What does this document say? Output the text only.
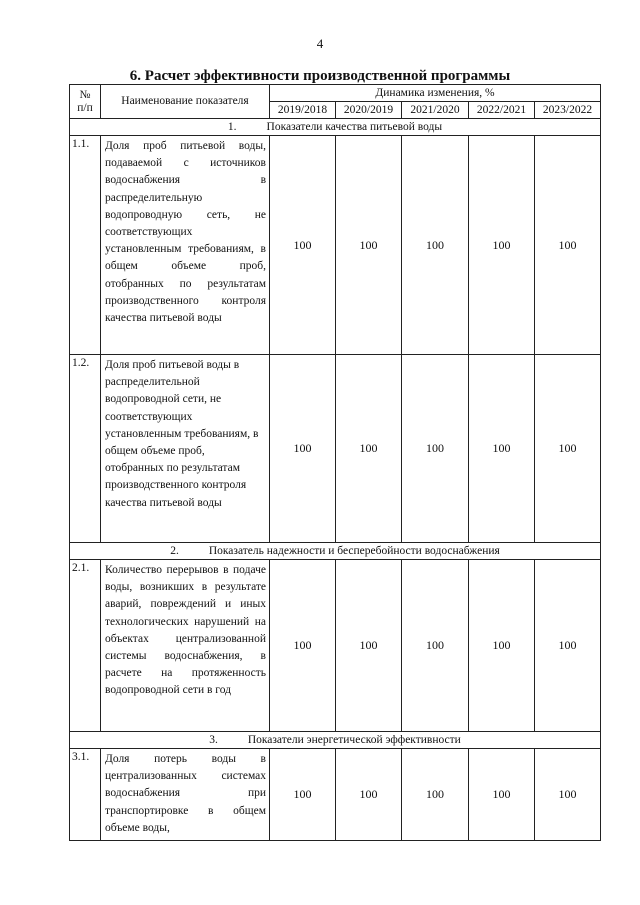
4
6. Расчет эффективности производственной программы
№
п/п	Наименование показателя	Динамика изменения, %				
		2019/2018	2020/2019	2021/2020	2022/2021	2023/2022
1. Показатели качества питьевой воды						
1.1.	Доля проб питьевой воды, подаваемой с источников водоснабжения в распределительную водопроводную сеть, не соответствующих установленным требованиям, в общем объеме проб, отобранных по результатам производственного контроля качества питьевой воды	100	100	100	100	100
1.2.	Доля проб питьевой воды в распределительной водопроводной сети, не соответствующих установленным требованиям, в общем объеме проб, отобранных по результатам производственного контроля качества питьевой воды	100	100	100	100	100
2. Показатель надежности и бесперебойности водоснабжения						
2.1.	Количество перерывов в подаче воды, возникших в результате аварий, повреждений и иных технологических нарушений на объектах централизованной системы водоснабжения, в расчете на протяженность водопроводной сети в год	100	100	100	100	100
3. Показатели энергетической эффективности						
3.1.	Доля потерь воды в централизованных системах водоснабжения при транспортировке в общем объеме воды,	100	100	100	100	100
